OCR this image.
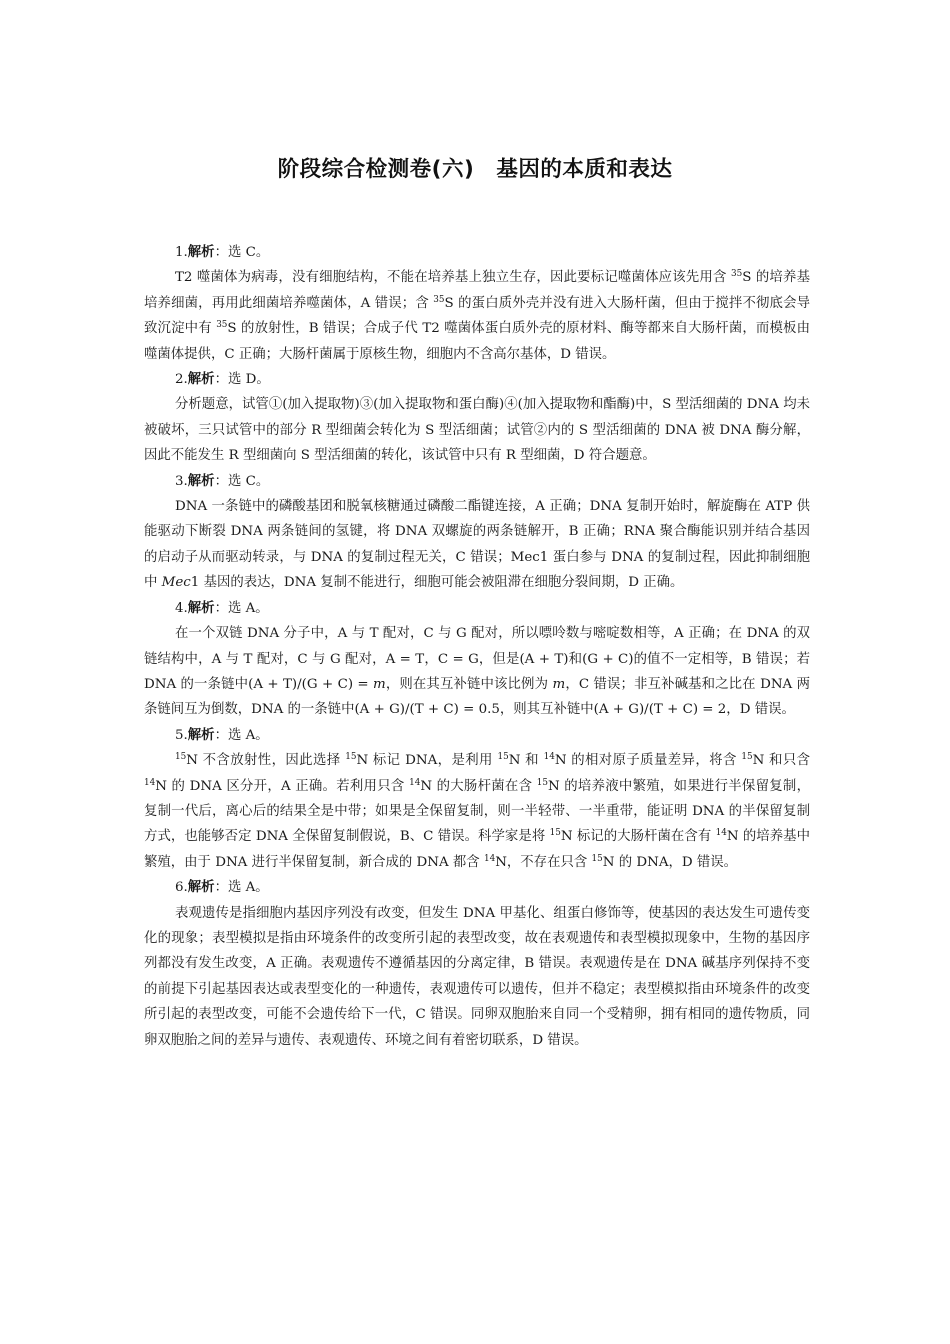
阶段综合检测卷(六)　基因的本质和表达

1.解析：选 C。

T2 噬菌体为病毒，没有细胞结构，不能在培养基上独立生存，因此要标记噬菌体应该先用含 $^{35}$S 的培养基培养细菌，再用此细菌培养噬菌体，A 错误；含 $^{35}$S 的蛋白质外壳并没有进入大肠杆菌，但由于搅拌不彻底会导致沉淀中有 $^{35}$S 的放射性，B 错误；合成子代 T2 噬菌体蛋白质外壳的原材料、酶等都来自大肠杆菌，而模板由噬菌体提供，C 正确；大肠杆菌属于原核生物，细胞内不含高尔基体，D 错误。

2.解析：选 D。

分析题意，试管①(加入提取物)③(加入提取物和蛋白酶)④(加入提取物和酯酶)中，S 型活细菌的 DNA 均未被破坏，三只试管中的部分 R 型细菌会转化为 S 型活细菌；试管②内的 S 型活细菌的 DNA 被 DNA 酶分解，因此不能发生 R 型细菌向 S 型活细菌的转化，该试管中只有 R 型细菌，D 符合题意。

3.解析：选 C。

DNA 一条链中的磷酸基团和脱氧核糖通过磷酸二酯键连接，A 正确；DNA 复制开始时，解旋酶在 ATP 供能驱动下断裂 DNA 两条链间的氢键，将 DNA 双螺旋的两条链解开，B 正确；RNA 聚合酶能识别并结合基因的启动子从而驱动转录，与 DNA 的复制过程无关，C 错误；Mec1 蛋白参与 DNA 的复制过程，因此抑制细胞中 Mec1 基因的表达，DNA 复制不能进行，细胞可能会被阻滞在细胞分裂间期，D 正确。

4.解析：选 A。

在一个双链 DNA 分子中，A 与 T 配对，C 与 G 配对，所以嘌呤数与嘧啶数相等，A 正确；在 DNA 的双链结构中，A 与 T 配对，C 与 G 配对，A = T，C = G，但是(A + T)和(G + C)的值不一定相等，B 错误；若 DNA 的一条链中(A + T)/(G + C) = m，则在其互补链中该比例为 m，C 错误；非互补碱基和之比在 DNA 两条链间互为倒数，DNA 的一条链中(A + G)/(T + C) = 0.5，则其互补链中(A + G)/(T + C) = 2，D 错误。

5.解析：选 A。

$^{15}$N 不含放射性，因此选择 $^{15}$N 标记 DNA，是利用 $^{15}$N 和 $^{14}$N 的相对原子质量差异，将含 $^{15}$N 和只含 $^{14}$N 的 DNA 区分开，A 正确。若利用只含 $^{14}$N 的大肠杆菌在含 $^{15}$N 的培养液中繁殖，如果进行半保留复制，复制一代后，离心后的结果全是中带；如果是全保留复制，则一半轻带、一半重带，能证明 DNA 的半保留复制方式，也能够否定 DNA 全保留复制假说，B、C 错误。科学家是将 $^{15}$N 标记的大肠杆菌在含有 $^{14}$N 的培养基中繁殖，由于 DNA 进行半保留复制，新合成的 DNA 都含 $^{14}$N，不存在只含 $^{15}$N 的 DNA，D 错误。

6.解析：选 A。

表观遗传是指细胞内基因序列没有改变，但发生 DNA 甲基化、组蛋白修饰等，使基因的表达发生可遗传变化的现象；表型模拟是指由环境条件的改变所引起的表型改变，故在表观遗传和表型模拟现象中，生物的基因序列都没有发生改变，A 正确。表观遗传不遵循基因的分离定律，B 错误。表观遗传是在 DNA 碱基序列保持不变的前提下引起基因表达或表型变化的一种遗传，表观遗传可以遗传，但并不稳定；表型模拟指由环境条件的改变所引起的表型改变，可能不会遗传给下一代，C 错误。同卵双胞胎来自同一个受精卵，拥有相同的遗传物质，同卵双胞胎之间的差异与遗传、表观遗传、环境之间有着密切联系，D 错误。
